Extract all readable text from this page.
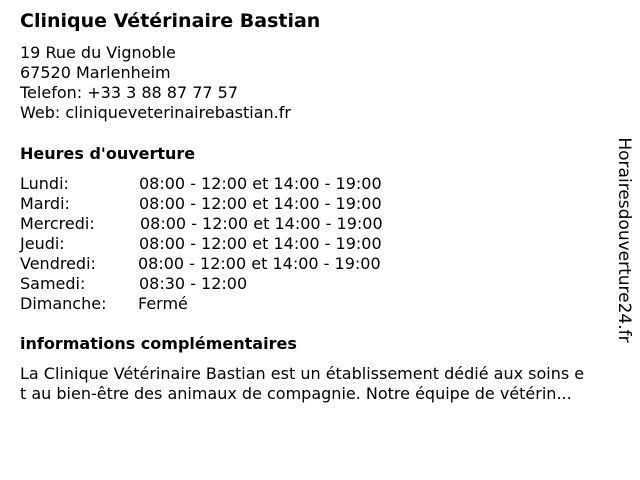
Clinique Vétérinaire Bastian
19 Rue du Vignoble
67520 Marlenheim
Telefon: +33 3 88 87 77 57
Web: cliniqueveterinairebastian.fr
Heures d'ouverture
Lundi:	08:00 - 12:00 et 14:00 - 19:00
Mardi:	08:00 - 12:00 et 14:00 - 19:00
Mercredi:	08:00 - 12:00 et 14:00 - 19:00
Jeudi:	08:00 - 12:00 et 14:00 - 19:00
Vendredi:	08:00 - 12:00 et 14:00 - 19:00
Samedi:	08:30 - 12:00
Dimanche: Fermé
informations complémentaires
La Clinique Vétérinaire Bastian est un établissement dédié aux soins e
t au bien-être des animaux de compagnie. Notre équipe de vétérin...
Horairesdouverture24.fr
